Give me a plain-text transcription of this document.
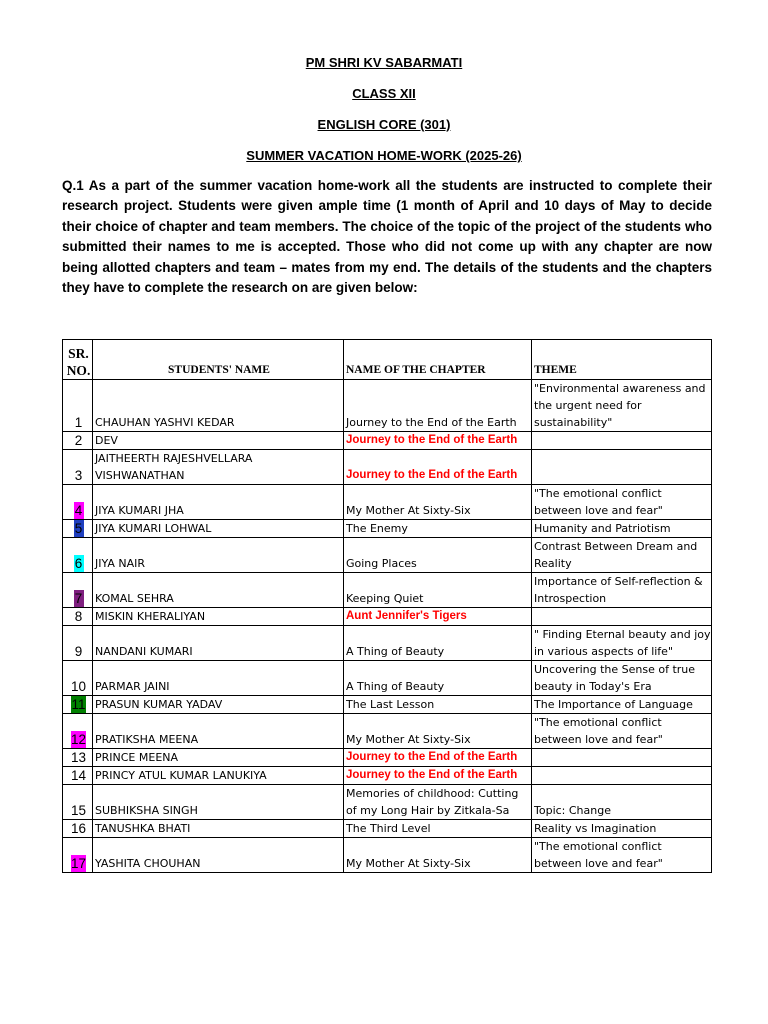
PM SHRI KV SABARMATI
CLASS XII
ENGLISH CORE (301)
SUMMER VACATION HOME-WORK (2025-26)
Q.1 As a part of the summer vacation home-work all the students are instructed to complete their research project. Students were given ample time (1 month of April and 10 days of May to decide their choice of chapter and team members. The choice of the topic of the project of the students who submitted their names to me is accepted. Those who did not come up with any chapter are now being allotted chapters and team – mates from my end. The details of the students and the chapters they have to complete the research on are given below:
SR. NO.	STUDENTS' NAME	NAME OF THE CHAPTER	THEME
1	CHAUHAN YASHVI KEDAR	Journey to the End of the Earth	"Environmental awareness and the urgent need for sustainability"
2	DEV	Journey to the End of the Earth	
3	JAITHEERTH RAJESHVELLARA VISHWANATHAN	Journey to the End of the Earth	
4	JIYA KUMARI JHA	My Mother At Sixty-Six	"The emotional conflict between love and fear"
5	JIYA KUMARI LOHWAL	The Enemy	Humanity and Patriotism
6	JIYA NAIR	Going Places	Contrast Between Dream and Reality
7	KOMAL SEHRA	Keeping Quiet	Importance of Self-reflection & Introspection
8	MISKIN KHERALIYAN	Aunt Jennifer's Tigers	
9	NANDANI KUMARI	A Thing of Beauty	" Finding Eternal beauty and joy in various aspects of life"
10	PARMAR JAINI	A Thing of Beauty	Uncovering the Sense of true beauty in Today's Era
11	PRASUN KUMAR YADAV	The Last Lesson	The Importance of Language
12	PRATIKSHA MEENA	My Mother At Sixty-Six	"The emotional conflict between love and fear"
13	PRINCE MEENA	Journey to the End of the Earth	
14	PRINCY ATUL KUMAR LANUKIYA	Journey to the End of the Earth	
15	SUBHIKSHA SINGH	Memories of childhood: Cutting of my Long Hair by Zitkala-Sa	Topic: Change
16	TANUSHKA BHATI	The Third Level	Reality vs Imagination
17	YASHITA CHOUHAN	My Mother At Sixty-Six	"The emotional conflict between love and fear"
